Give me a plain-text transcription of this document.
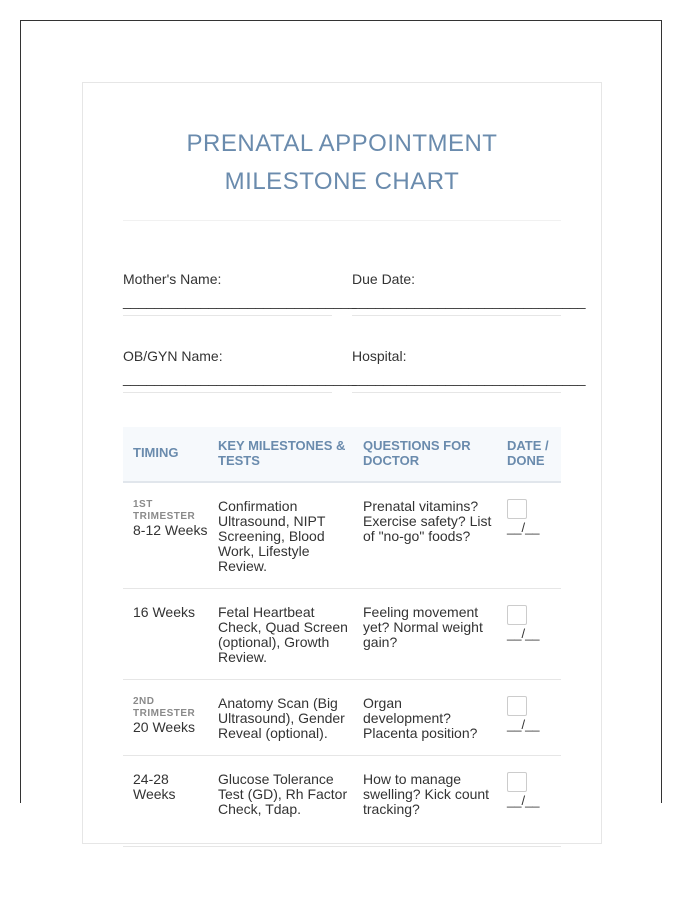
PRENATAL APPOINTMENT
MILESTONE CHART
Mother's Name:
______________________________
Due Date:
______________________________
OB/GYN Name:
______________________________
Hospital:
______________________________
TIMING	KEY MILESTONES & TESTS
QUESTIONS FOR DOCTOR
DATE / DONE
1ST TRIMESTER
8-12 Weeks
Confirmation Ultrasound, NIPT Screening, Blood Work, Lifestyle Review.
Prenatal vitamins? Exercise safety? List of "no-go" foods?
__/__
16 Weeks	Fetal Heartbeat Check, Quad Screen (optional), Growth Review.
Feeling movement yet? Normal weight gain?
__/__
2ND TRIMESTER
20 Weeks
Anatomy Scan (Big Ultrasound), Gender Reveal (optional).
Organ development? Placenta position?
__/__
24-28 Weeks
Glucose Tolerance Test (GD), Rh Factor Check, Tdap.
How to manage swelling? Kick count tracking?
__/__
